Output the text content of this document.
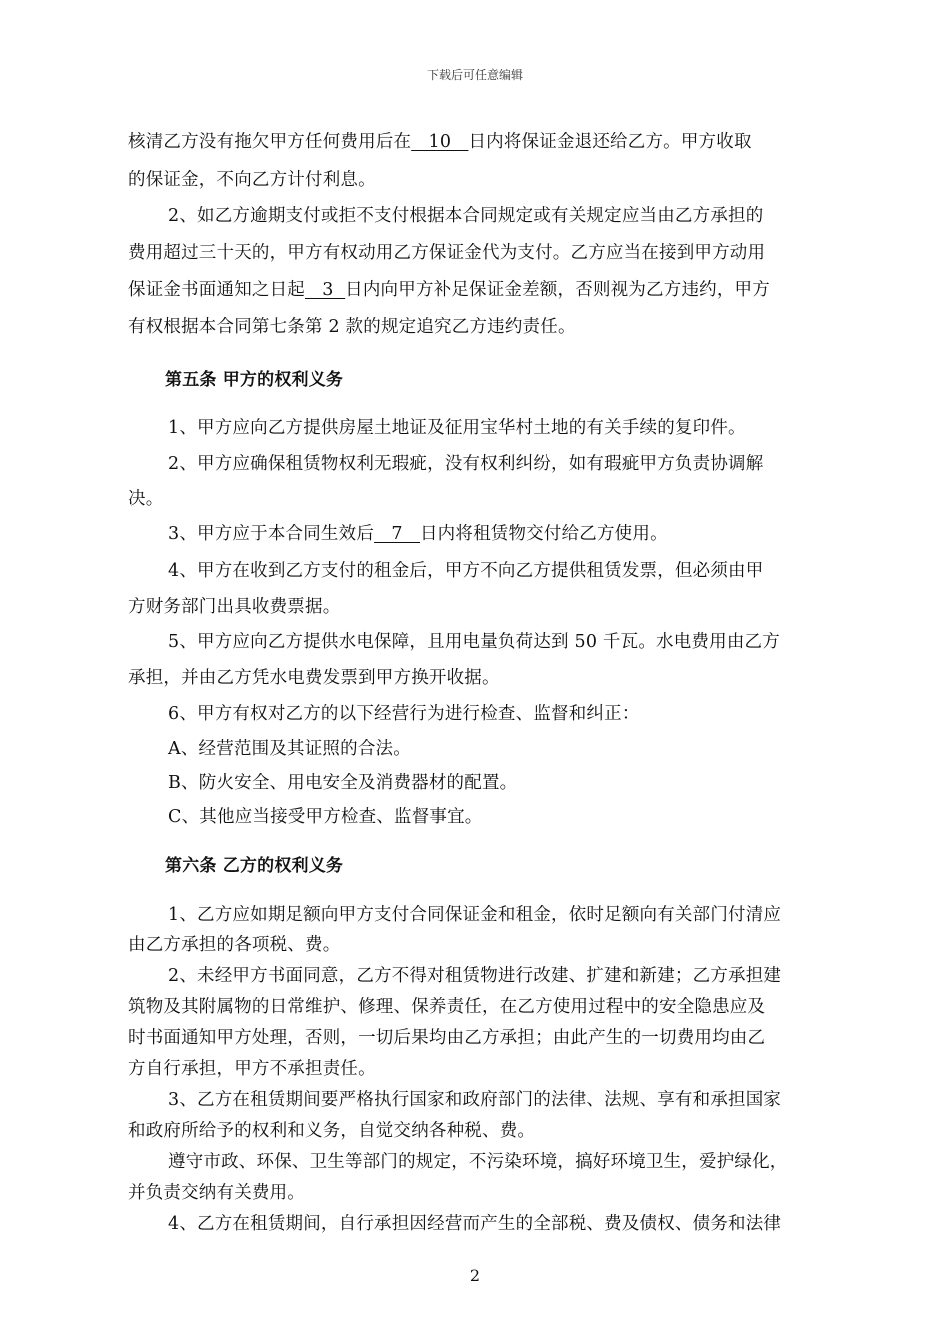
下载后可任意编辑
核清乙方没有拖欠甲方任何费用后在   10   日内将保证金退还给乙方。甲方收取
的保证金，不向乙方计付利息。
2、如乙方逾期支付或拒不支付根据本合同规定或有关规定应当由乙方承担的
费用超过三十天的，甲方有权动用乙方保证金代为支付。乙方应当在接到甲方动用
保证金书面通知之日起   3  日内向甲方补足保证金差额，否则视为乙方违约，甲方
有权根据本合同第七条第 2 款的规定追究乙方违约责任。
第五条 甲方的权利义务
1、甲方应向乙方提供房屋土地证及征用宝华村土地的有关手续的复印件。
2、甲方应确保租赁物权利无瑕疵，没有权利纠纷，如有瑕疵甲方负责协调解
决。
3、甲方应于本合同生效后   7   日内将租赁物交付给乙方使用。
4、甲方在收到乙方支付的租金后，甲方不向乙方提供租赁发票，但必须由甲
方财务部门出具收费票据。
5、甲方应向乙方提供水电保障，且用电量负荷达到 50 千瓦。水电费用由乙方
承担，并由乙方凭水电费发票到甲方换开收据。
6、甲方有权对乙方的以下经营行为进行检查、监督和纠正：
A、经营范围及其证照的合法。
B、防火安全、用电安全及消费器材的配置。
C、其他应当接受甲方检查、监督事宜。
第六条 乙方的权利义务
1、乙方应如期足额向甲方支付合同保证金和租金，依时足额向有关部门付清应
由乙方承担的各项税、费。
2、未经甲方书面同意，乙方不得对租赁物进行改建、扩建和新建；乙方承担建
筑物及其附属物的日常维护、修理、保养责任，在乙方使用过程中的安全隐患应及
时书面通知甲方处理，否则，一切后果均由乙方承担；由此产生的一切费用均由乙
方自行承担，甲方不承担责任。
3、乙方在租赁期间要严格执行国家和政府部门的法律、法规、享有和承担国家
和政府所给予的权利和义务，自觉交纳各种税、费。
遵守市政、环保、卫生等部门的规定，不污染环境，搞好环境卫生，爱护绿化，
并负责交纳有关费用。
4、乙方在租赁期间，自行承担因经营而产生的全部税、费及债权、债务和法律
2
